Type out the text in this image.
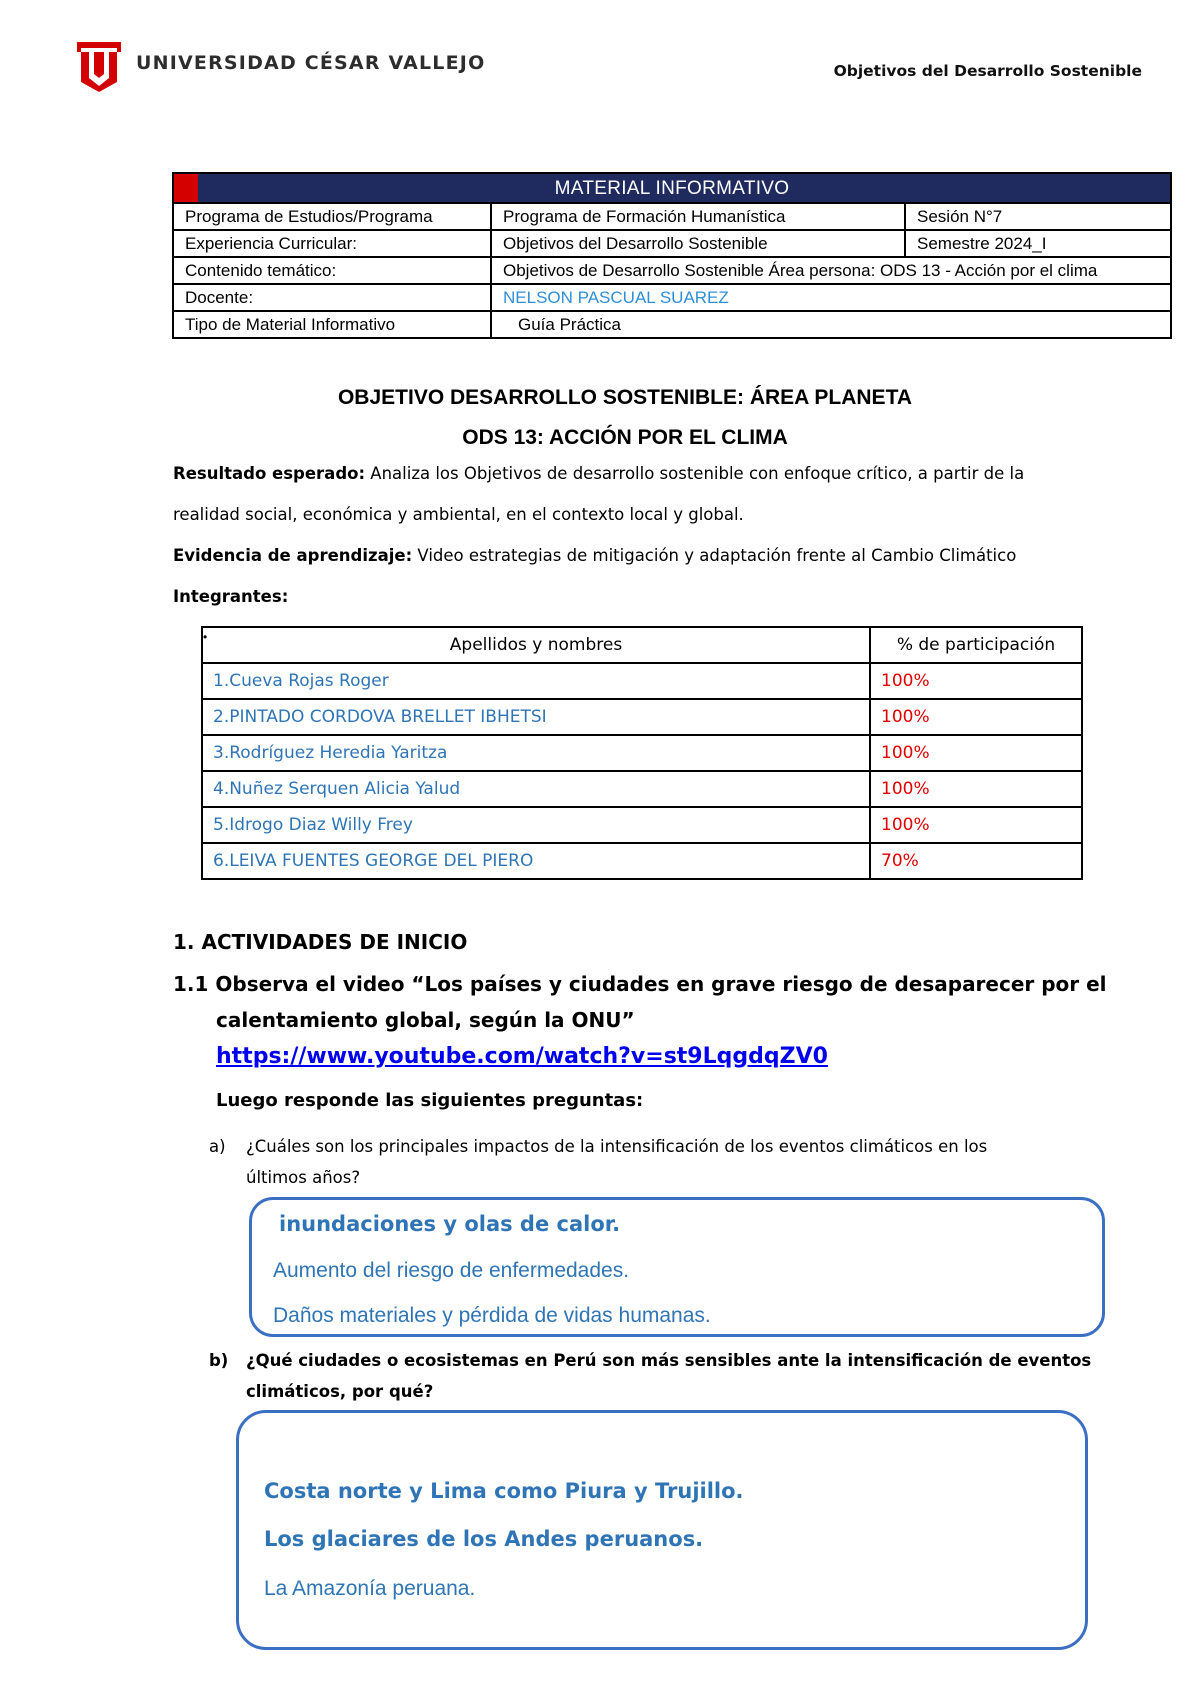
UNIVERSIDAD CÉSAR VALLEJO	Objetivos del Desarrollo Sostenible
MATERIAL INFORMATIVO		
Programa de Estudios/Programa	Programa de Formación Humanística	Sesión N°7
Experiencia Curricular:	Objetivos del Desarrollo Sostenible	Semestre 2024_I
Contenido temático:	Objetivos de Desarrollo Sostenible Área persona: ODS 13 - Acción por el clima	
Docente:	NELSON PASCUAL SUAREZ	
Tipo de Material Informativo	Guía Práctica	
OBJETIVO DESARROLLO SOSTENIBLE: ÁREA PLANETA
ODS 13: ACCIÓN POR EL CLIMA
Resultado esperado: Analiza los Objetivos de desarrollo sostenible con enfoque crítico, a partir de la
realidad social, económica y ambiental, en el contexto local y global.
Evidencia de aprendizaje: Video estrategias de mitigación y adaptación frente al Cambio Climático
Integrantes:
Apellidos y nombres	% de participación
1.Cueva Rojas Roger	100%
2.PINTADO CORDOVA BRELLET IBHETSI	100%
3.Rodríguez Heredia Yaritza	100%
4.Nuñez Serquen Alicia Yalud	100%
5.Idrogo Diaz Willy Frey	100%
6.LEIVA FUENTES GEORGE DEL PIERO	70%
•
1. ACTIVIDADES DE INICIO
1.1 Observa el video “Los países y ciudades en grave riesgo de desaparecer por el
calentamiento global, según la ONU”
https://www.youtube.com/watch?v=st9LqgdqZV0
Luego responde las siguientes preguntas:
a) ¿Cuáles son los principales impactos de la intensificación de los eventos climáticos en los
últimos años?
inundaciones y olas de calor.
Aumento del riesgo de enfermedades.
Daños materiales y pérdida de vidas humanas.
b) ¿Qué ciudades o ecosistemas en Perú son más sensibles ante la intensificación de eventos
climáticos, por qué?
Costa norte y Lima como Piura y Trujillo.
Los glaciares de los Andes peruanos.
La Amazonía peruana.
